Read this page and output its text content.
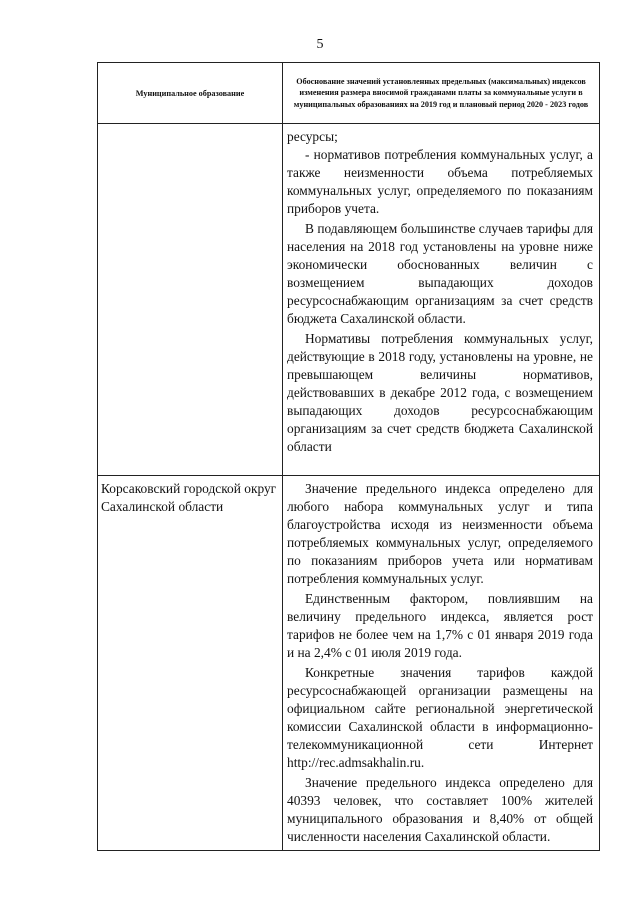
5
Муниципальное образование	Обоснование значений установленных предельных (максимальных) индексов изменения размера вносимой гражданами платы за коммунальные услуги в муниципальных образованиях на 2019 год и плановый период 2020 - 2023 годов

	ресурсы;

- нормативов потребления коммунальных услуг, а также неизменности объема потребляемых коммунальных услуг, определяемого по показаниям приборов учета.

В подавляющем большинстве случаев тарифы для населения на 2018 год установлены на уровне ниже экономически обоснованных величин с возмещением выпадающих доходов ресурсоснабжающим организациям за счет средств бюджета Сахалинской области.

Нормативы потребления коммунальных услуг, действующие в 2018 году, установлены на уровне, не превышающем величины нормативов, действовавших в декабре 2012 года, с возмещением выпадающих доходов ресурсоснабжающим организациям за счет средств бюджета Сахалинской области

Корсаковский городской округ Сахалинской области	Значение предельного индекса определено для любого набора коммунальных услуг и типа благоустройства исходя из неизменности объема потребляемых коммунальных услуг, определяемого по показаниям приборов учета или нормативам потребления коммунальных услуг.

Единственным фактором, повлиявшим на величину предельного индекса, является рост тарифов не более чем на 1,7% с 01 января 2019 года и на 2,4% с 01 июля 2019 года.

Конкретные значения тарифов каждой ресурсоснабжающей организации размещены на официальном сайте региональной энергетической комиссии Сахалинской области в информационно-телекоммуникационной сети Интернет http://rec.admsakhalin.ru.

Значение предельного индекса определено для 40393 человек, что составляет 100% жителей муниципального образования и 8,40% от общей численности населения Сахалинской области.
